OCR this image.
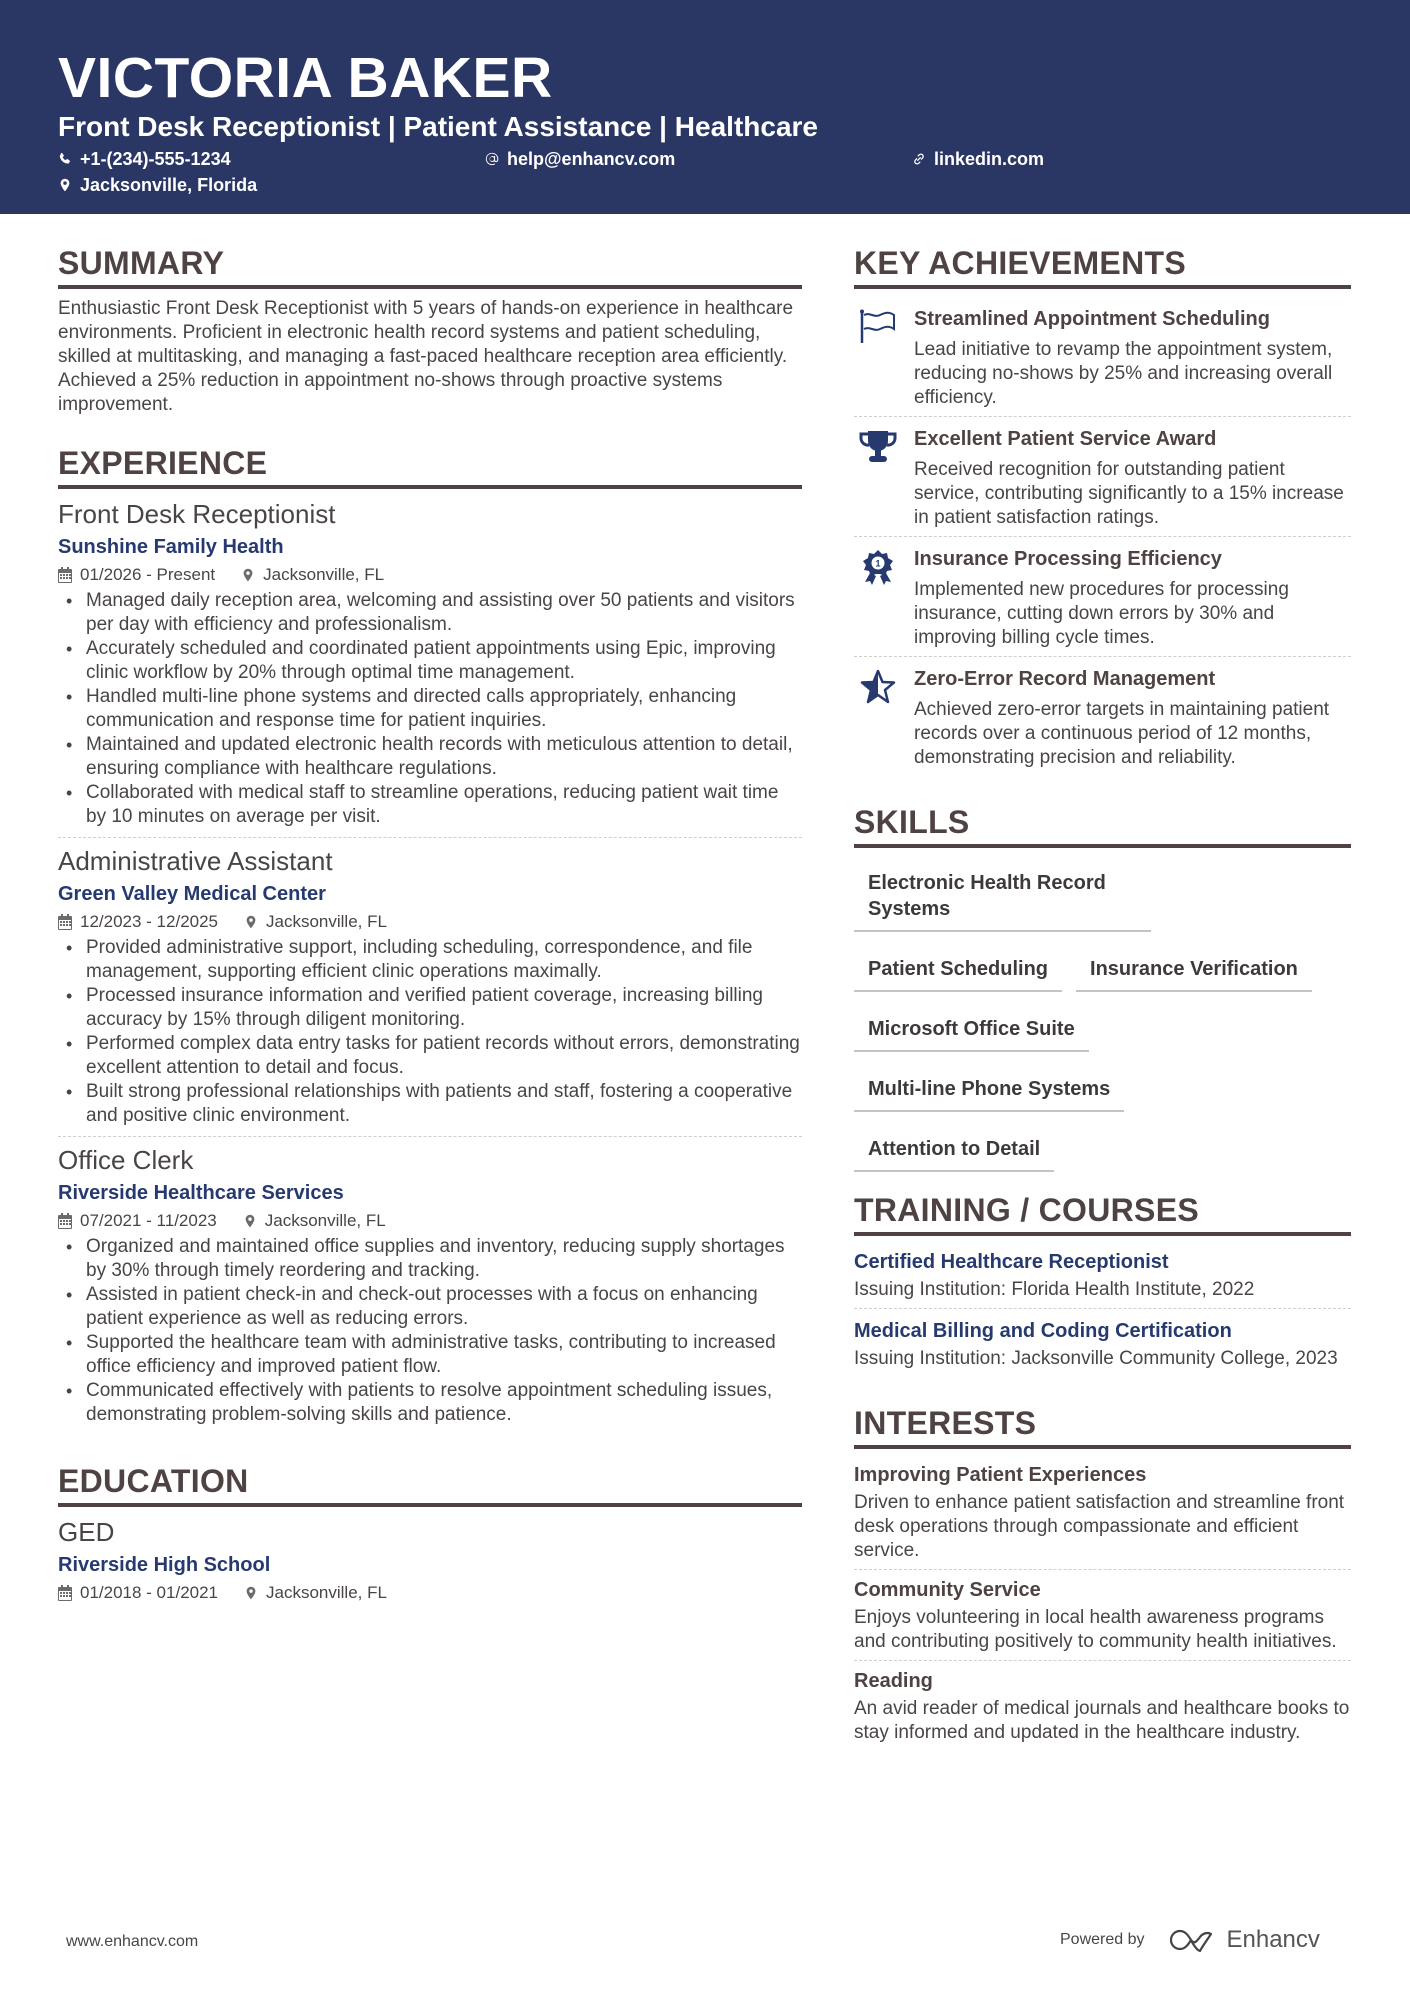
VICTORIA BAKER
Front Desk Receptionist | Patient Assistance | Healthcare
+1-(234)-555-1234	help@enhancv.com	linkedin.com
Jacksonville, Florida
SUMMARY

Enthusiastic Front Desk Receptionist with 5 years of hands-on experience in healthcare environments. Proficient in electronic health record systems and patient scheduling, skilled at multitasking, and managing a fast-paced healthcare reception area efficiently. Achieved a 25% reduction in appointment no-shows through proactive systems improvement.

EXPERIENCE
Front Desk Receptionist
Sunshine Family Health
01/2026 - Present	Jacksonville, FL
• Managed daily reception area, welcoming and assisting over 50 patients and visitors per day with efficiency and professionalism.
• Accurately scheduled and coordinated patient appointments using Epic, improving clinic workflow by 20% through optimal time management.
• Handled multi-line phone systems and directed calls appropriately, enhancing communication and response time for patient inquiries.
• Maintained and updated electronic health records with meticulous attention to detail, ensuring compliance with healthcare regulations.
• Collaborated with medical staff to streamline operations, reducing patient wait time by 10 minutes on average per visit.
Administrative Assistant
Green Valley Medical Center
12/2023 - 12/2025	Jacksonville, FL
• Provided administrative support, including scheduling, correspondence, and file management, supporting efficient clinic operations maximally.
• Processed insurance information and verified patient coverage, increasing billing accuracy by 15% through diligent monitoring.
• Performed complex data entry tasks for patient records without errors, demonstrating excellent attention to detail and focus.
• Built strong professional relationships with patients and staff, fostering a cooperative and positive clinic environment.
Office Clerk
Riverside Healthcare Services
07/2021 - 11/2023	Jacksonville, FL
• Organized and maintained office supplies and inventory, reducing supply shortages by 30% through timely reordering and tracking.
• Assisted in patient check-in and check-out processes with a focus on enhancing patient experience as well as reducing errors.
• Supported the healthcare team with administrative tasks, contributing to increased office efficiency and improved patient flow.
• Communicated effectively with patients to resolve appointment scheduling issues, demonstrating problem-solving skills and patience.
EDUCATION
GED
Riverside High School
01/2018 - 01/2021	Jacksonville, FL
KEY ACHIEVEMENTS
Streamlined Appointment Scheduling
Lead initiative to revamp the appointment system, reducing no-shows by 25% and increasing overall efficiency.
Excellent Patient Service Award
Received recognition for outstanding patient service, contributing significantly to a 15% increase in patient satisfaction ratings.
1 Insurance Processing Efficiency
Implemented new procedures for processing insurance, cutting down errors by 30% and improving billing cycle times.
Zero-Error Record Management
Achieved zero-error targets in maintaining patient records over a continuous period of 12 months, demonstrating precision and reliability.
SKILLS
Electronic Health Record Systems
Patient Scheduling	Insurance Verification
Microsoft Office Suite
Multi-line Phone Systems
Attention to Detail
TRAINING / COURSES
Certified Healthcare Receptionist
Issuing Institution: Florida Health Institute, 2022
Medical Billing and Coding Certification
Issuing Institution: Jacksonville Community College, 2023
INTERESTS
Improving Patient Experiences
Driven to enhance patient satisfaction and streamline front desk operations through compassionate and efficient service.
Community Service
Enjoys volunteering in local health awareness programs and contributing positively to community health initiatives.
Reading
An avid reader of medical journals and healthcare books to stay informed and updated in the healthcare industry.
www.enhancv.com	Powered by	Enhancv
